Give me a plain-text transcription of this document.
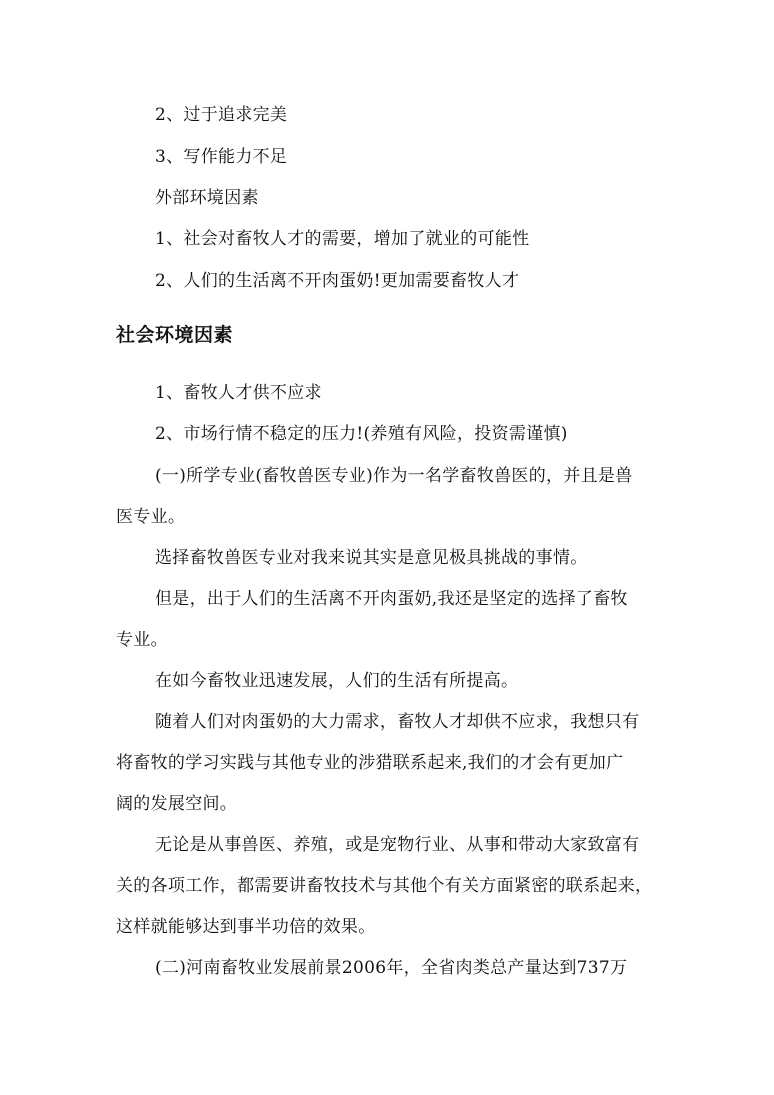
2、过于追求完美

3、写作能力不足

外部环境因素

1、社会对畜牧人才的需要，增加了就业的可能性

2、人们的生活离不开肉蛋奶!更加需要畜牧人才

社会环境因素

1、畜牧人才供不应求

2、市场行情不稳定的压力!(养殖有风险，投资需谨慎)

(一)所学专业(畜牧兽医专业)作为一名学畜牧兽医的，并且是兽

医专业。

选择畜牧兽医专业对我来说其实是意见极具挑战的事情。

但是，出于人们的生活离不开肉蛋奶,我还是坚定的选择了畜牧

专业。

在如今畜牧业迅速发展，人们的生活有所提高。

随着人们对肉蛋奶的大力需求，畜牧人才却供不应求，我想只有

将畜牧的学习实践与其他专业的涉猎联系起来,我们的才会有更加广

阔的发展空间。

无论是从事兽医、养殖，或是宠物行业、从事和带动大家致富有

关的各项工作，都需要讲畜牧技术与其他个有关方面紧密的联系起来，

这样就能够达到事半功倍的效果。

(二)河南畜牧业发展前景2006年，全省肉类总产量达到737万
